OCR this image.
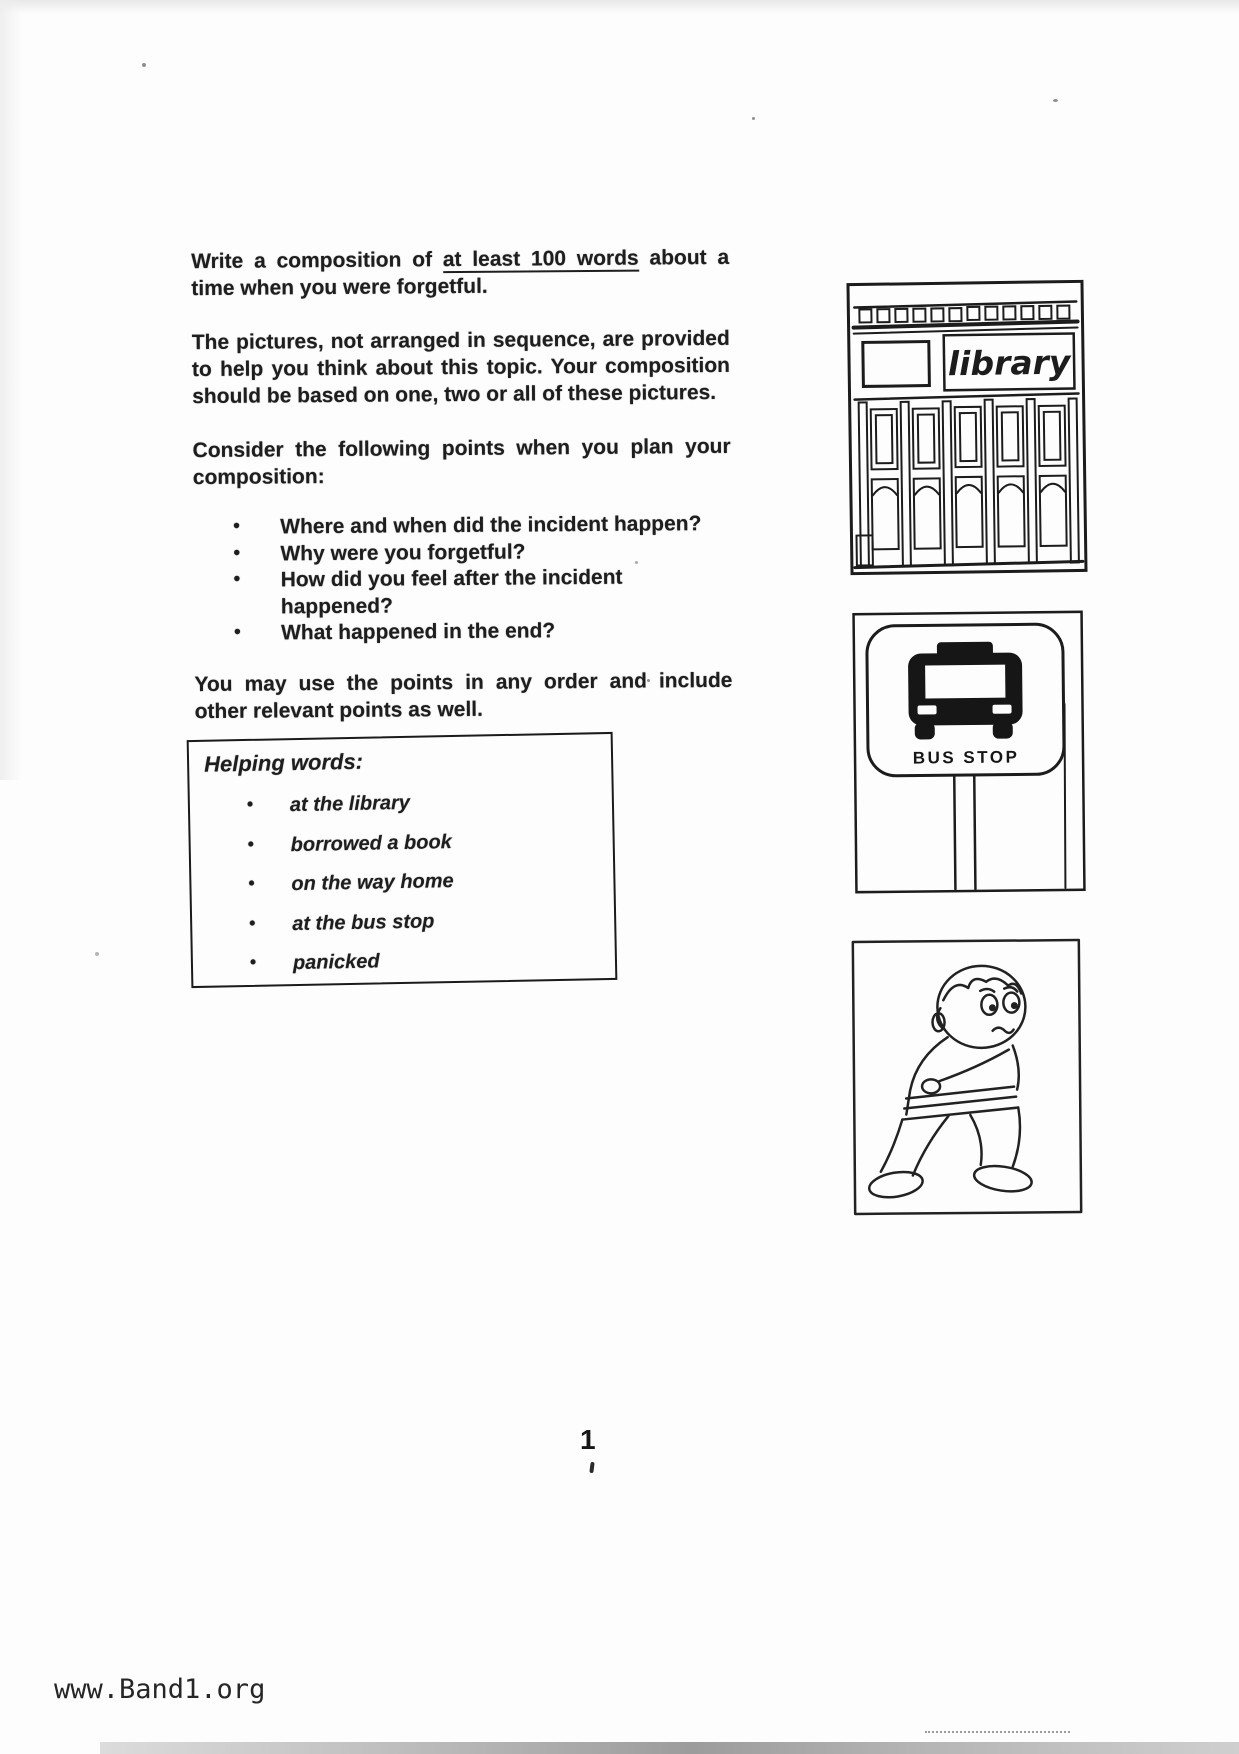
Write a composition of at least 100 words about a time when you were forgetful.

The pictures, not arranged in sequence, are provided to help you think about this topic. Your composition should be based on one, two or all of these pictures.

Consider the following points when you plan your composition:

• Where and when did the incident happen?
• Why were you forgetful?
• How did you feel after the incident happened?
• What happened in the end?

You may use the points in any order and include other relevant points as well.

Helping words:
• at the library
• borrowed a book
• on the way home
• at the bus stop
• panicked
library
BUS STOP
1
www.Band1.org
